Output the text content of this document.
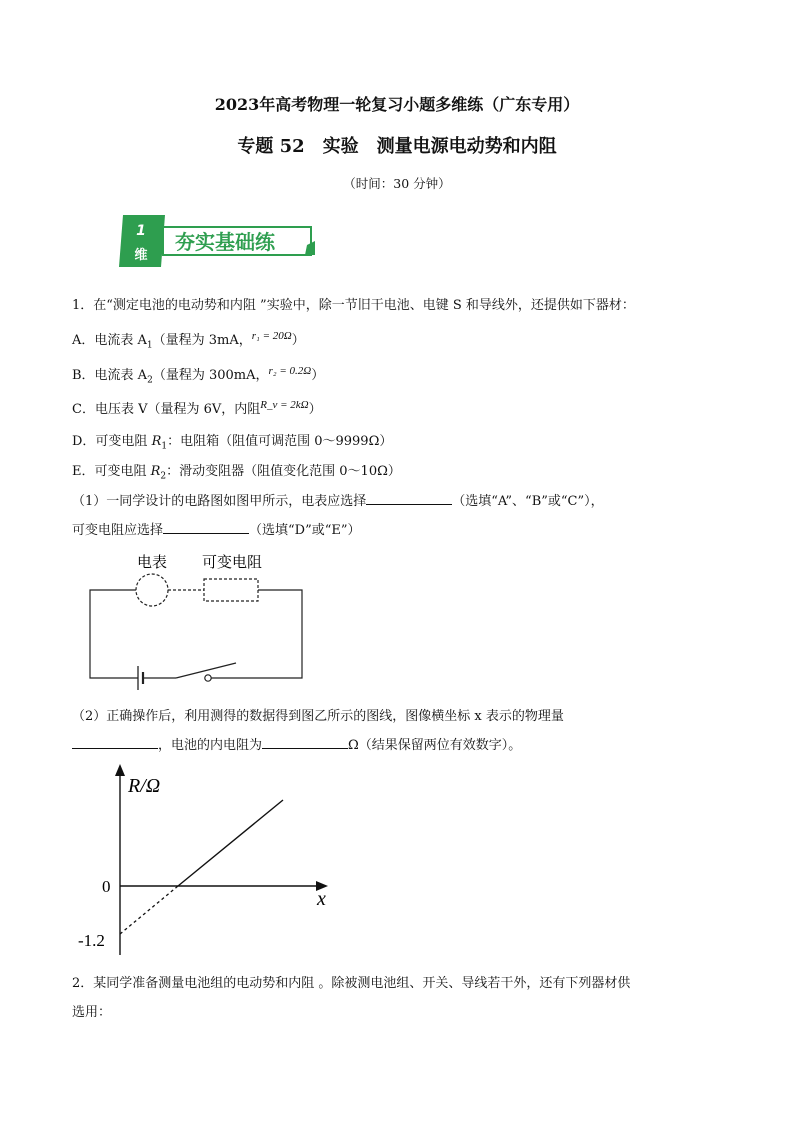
2023年高考物理一轮复习小题多维练（广东专用）
专题 52　实验　测量电源电动势和内阻
（时间：30 分钟）
1
维
夯实基础练
1．在“测定电池的电动势和内阻 ”实验中，除一节旧干电池、电键 S 和导线外，还提供如下器材：
A．电流表 $A_1$（量程为 3mA，$^{r_1 = 20\Omega}$）
B．电流表 $A_2$（量程为 300mA，$^{r_2 = 0.2\Omega}$）
C．电压表 V（量程为 6V，内阻$^{R\_v = 2k\Omega}$）
D．可变电阻 $R_1$：电阻箱（阻值可调范围 0～9999Ω）
E．可变电阻 $R_2$：滑动变阻器（阻值变化范围 0～10Ω）
（1）一同学设计的电路图如图甲所示，电表应选择	（选填“A”、“B”或“C”），
可变电阻应选择	（选填“D”或“E”）
电表 可变电阻
（2）正确操作后，利用测得的数据得到图乙所示的图线，图像横坐标 x 表示的物理量
，电池的内电阻为	Ω（结果保留两位有效数字）。
R/Ω
x
0
-1.2
2．某同学准备测量电池组的电动势和内阻 。除被测电池组、开关、导线若干外，还有下列器材供
选用：
